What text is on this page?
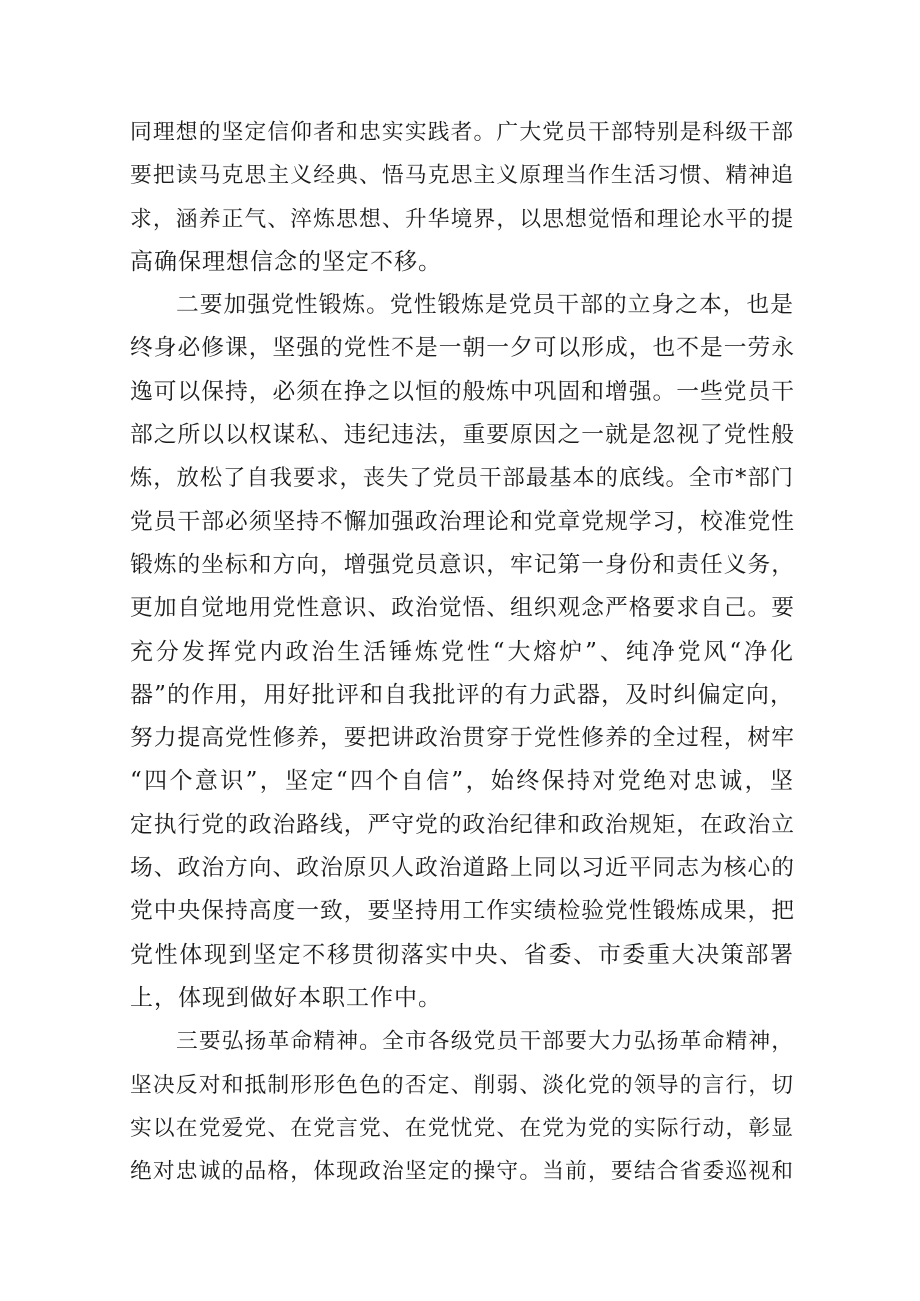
同理想的坚定信仰者和忠实实践者。广大党员干部特别是科级干部
要把读马克思主义经典、悟马克思主义原理当作生活习惯、精神追
求，涵养正气、淬炼思想、升华境界，以思想觉悟和理论水平的提
高确保理想信念的坚定不移。
二要加强党性锻炼。党性锻炼是党员干部的立身之本，也是
终身必修课，坚强的党性不是一朝一夕可以形成，也不是一劳永
逸可以保持，必须在挣之以恒的般炼中巩固和增强。一些党员干
部之所以以权谋私、违纪违法，重要原因之一就是忽视了党性般
炼，放松了自我要求，丧失了党员干部最基本的底线。全市*部门
党员干部必须坚持不懈加强政治理论和党章党规学习，校准党性
锻炼的坐标和方向，增强党员意识，牢记第一身份和责任义务，
更加自觉地用党性意识、政治觉悟、组织观念严格要求自己。要
充分发挥党内政治生活锤炼党性“大熔炉”、纯净党风“净化
器”的作用，用好批评和自我批评的有力武器，及时纠偏定向，
努力提高党性修养，要把讲政治贯穿于党性修养的全过程，树牢
“四个意识”，坚定“四个自信”，始终保持对党绝对忠诚，坚
定执行党的政治路线，严守党的政治纪律和政治规矩，在政治立
场、政治方向、政治原贝人政治道路上同以习近平同志为核心的
党中央保持高度一致，要坚持用工作实绩检验党性锻炼成果，把
党性体现到坚定不移贯彻落实中央、省委、市委重大决策部署
上，体现到做好本职工作中。
三要弘扬革命精神。全市各级党员干部要大力弘扬革命精神，
坚决反对和抵制形形色色的否定、削弱、淡化党的领导的言行，切
实以在党爱党、在党言党、在党忧党、在党为党的实际行动，彰显
绝对忠诚的品格，体现政治坚定的操守。当前，要结合省委巡视和
